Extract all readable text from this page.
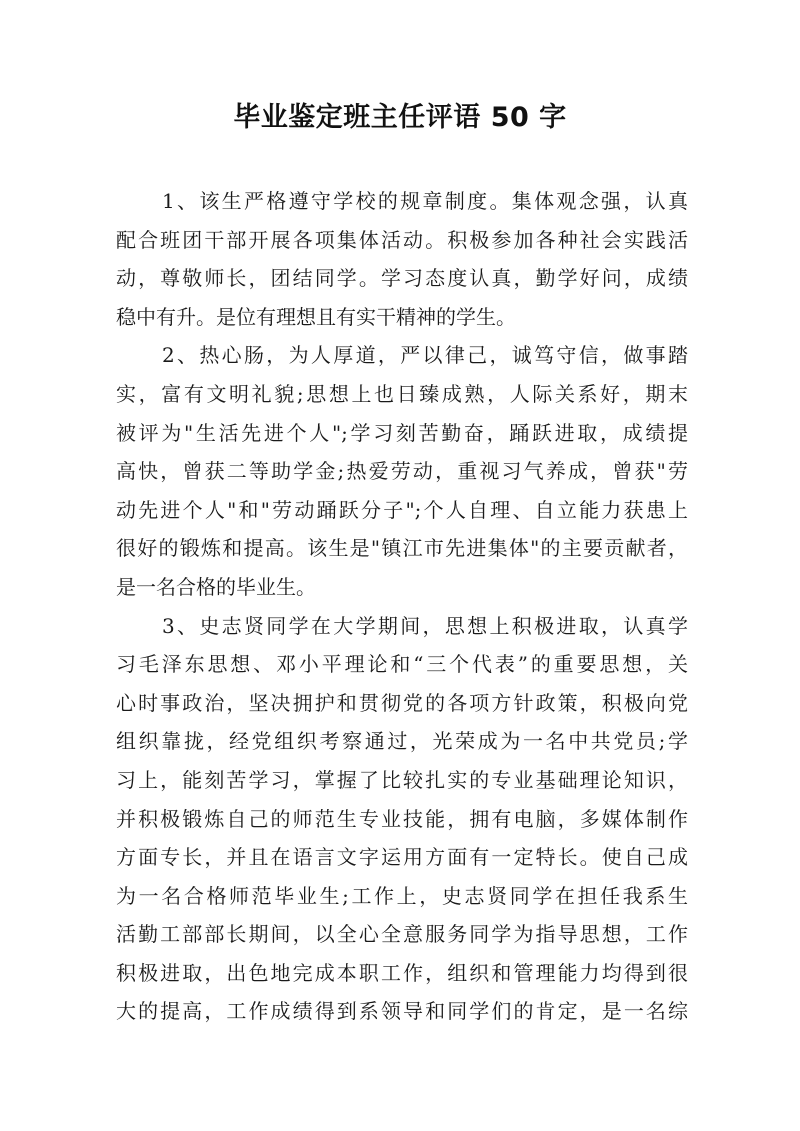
毕业鉴定班主任评语 50 字
1、该生严格遵守学校的规章制度。集体观念强，认真
配合班团干部开展各项集体活动。积极参加各种社会实践活
动，尊敬师长，团结同学。学习态度认真，勤学好问，成绩
稳中有升。是位有理想且有实干精神的学生。
2、热心肠，为人厚道，严以律己，诚笃守信，做事踏
实，富有文明礼貌;思想上也日臻成熟，人际关系好，期末
被评为"生活先进个人";学习刻苦勤奋，踊跃进取，成绩提
高快，曾获二等助学金;热爱劳动，重视习气养成，曾获"劳
动先进个人"和"劳动踊跃分子";个人自理、自立能力获患上
很好的锻炼和提高。该生是"镇江市先进集体"的主要贡献者，
是一名合格的毕业生。
3、史志贤同学在大学期间，思想上积极进取，认真学
习毛泽东思想、邓小平理论和“三个代表”的重要思想，关
心时事政治，坚决拥护和贯彻党的各项方针政策，积极向党
组织靠拢，经党组织考察通过，光荣成为一名中共党员;学
习上，能刻苦学习，掌握了比较扎实的专业基础理论知识，
并积极锻炼自己的师范生专业技能，拥有电脑，多媒体制作
方面专长，并且在语言文字运用方面有一定特长。使自己成
为一名合格师范毕业生;工作上，史志贤同学在担任我系生
活勤工部部长期间，以全心全意服务同学为指导思想，工作
积极进取，出色地完成本职工作，组织和管理能力均得到很
大的提高，工作成绩得到系领导和同学们的肯定，是一名综
